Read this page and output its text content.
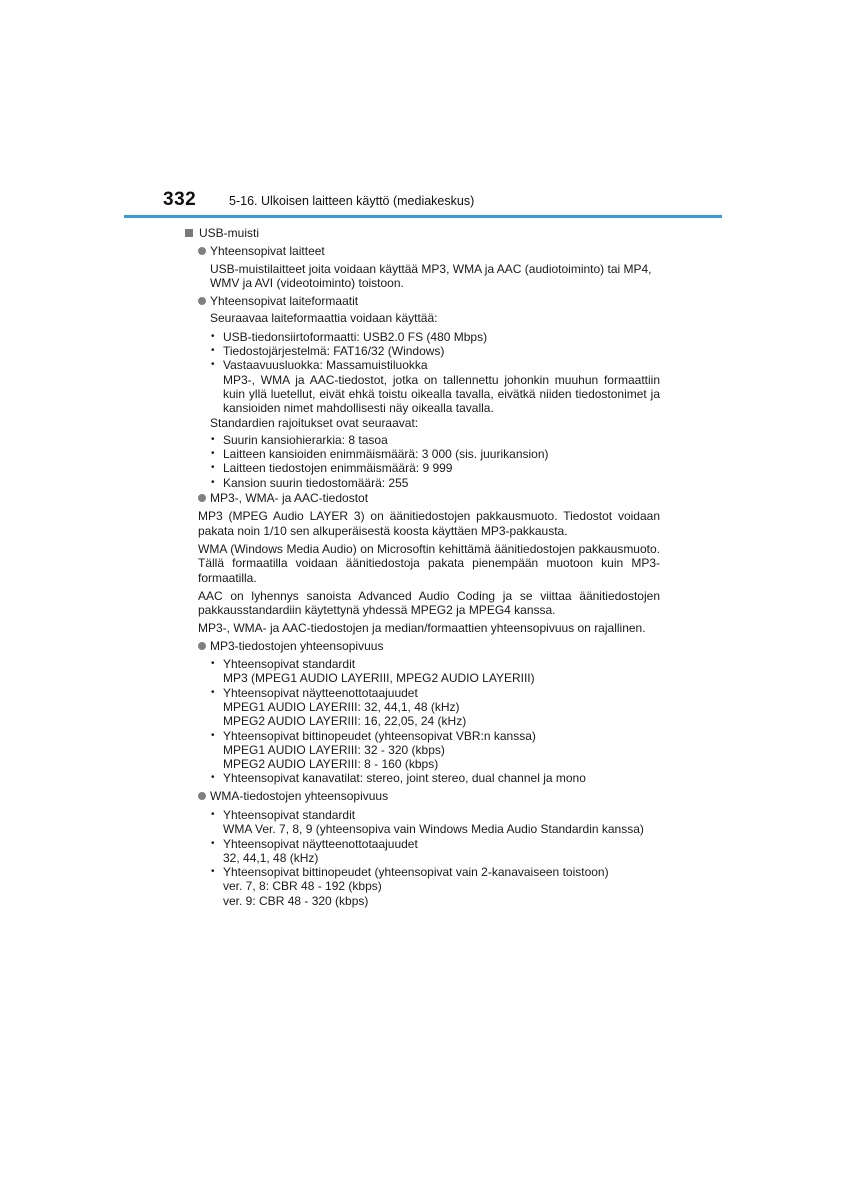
332	5-16. Ulkoisen laitteen käyttö (mediakeskus)
USB-muisti
Yhteensopivat laitteet

USB-muistilaitteet joita voidaan käyttää MP3, WMA ja AAC (audiotoiminto) tai MP4, WMV ja AVI (videotoiminto) toistoon.

Yhteensopivat laiteformaatit

Seuraavaa laiteformaattia voidaan käyttää:

• USB-tiedonsiirtoformaatti: USB2.0 FS (480 Mbps)
• Tiedostojärjestelmä: FAT16/32 (Windows)
• Vastaavuusluokka: Massamuistiluokka
MP3-, WMA ja AAC-tiedostot, jotka on tallennettu johonkin muuhun formaattiin kuin yllä luetellut, eivät ehkä toistu oikealla tavalla, eivätkä niiden tiedostonimet ja kansioiden nimet mahdollisesti näy oikealla tavalla.

Standardien rajoitukset ovat seuraavat:

• Suurin kansiohierarkia: 8 tasoa
• Laitteen kansioiden enimmäismäärä: 3 000 (sis. juurikansion)
• Laitteen tiedostojen enimmäismäärä: 9 999
• Kansion suurin tiedostomäärä: 255
MP3-, WMA- ja AAC-tiedostot

MP3 (MPEG Audio LAYER 3) on äänitiedostojen pakkausmuoto. Tiedostot voidaan pakata noin 1/10 sen alkuperäisestä koosta käyttäen MP3-pakkausta.

WMA (Windows Media Audio) on Microsoftin kehittämä äänitiedostojen pakkausmuoto. Tällä formaatilla voidaan äänitiedostoja pakata pienempään muotoon kuin MP3-formaatilla.

AAC on lyhennys sanoista Advanced Audio Coding ja se viittaa äänitiedostojen pakkausstandardiin käytettynä yhdessä MPEG2 ja MPEG4 kanssa.

MP3-, WMA- ja AAC-tiedostojen ja median/formaattien yhteensopivuus on rajallinen.

MP3-tiedostojen yhteensopivuus
• Yhteensopivat standardit
MP3 (MPEG1 AUDIO LAYERIII, MPEG2 AUDIO LAYERIII)
• Yhteensopivat näytteenottotaajuudet
MPEG1 AUDIO LAYERIII: 32, 44,1, 48 (kHz)
MPEG2 AUDIO LAYERIII: 16, 22,05, 24 (kHz)
• Yhteensopivat bittinopeudet (yhteensopivat VBR:n kanssa)
MPEG1 AUDIO LAYERIII: 32 - 320 (kbps)
MPEG2 AUDIO LAYERIII: 8 - 160 (kbps)
• Yhteensopivat kanavatilat: stereo, joint stereo, dual channel ja mono
WMA-tiedostojen yhteensopivuus
• Yhteensopivat standardit
WMA Ver. 7, 8, 9 (yhteensopiva vain Windows Media Audio Standardin kanssa)
• Yhteensopivat näytteenottotaajuudet
32, 44,1, 48 (kHz)
• Yhteensopivat bittinopeudet (yhteensopivat vain 2-kanavaiseen toistoon)
ver. 7, 8: CBR 48 - 192 (kbps)
ver. 9: CBR 48 - 320 (kbps)
